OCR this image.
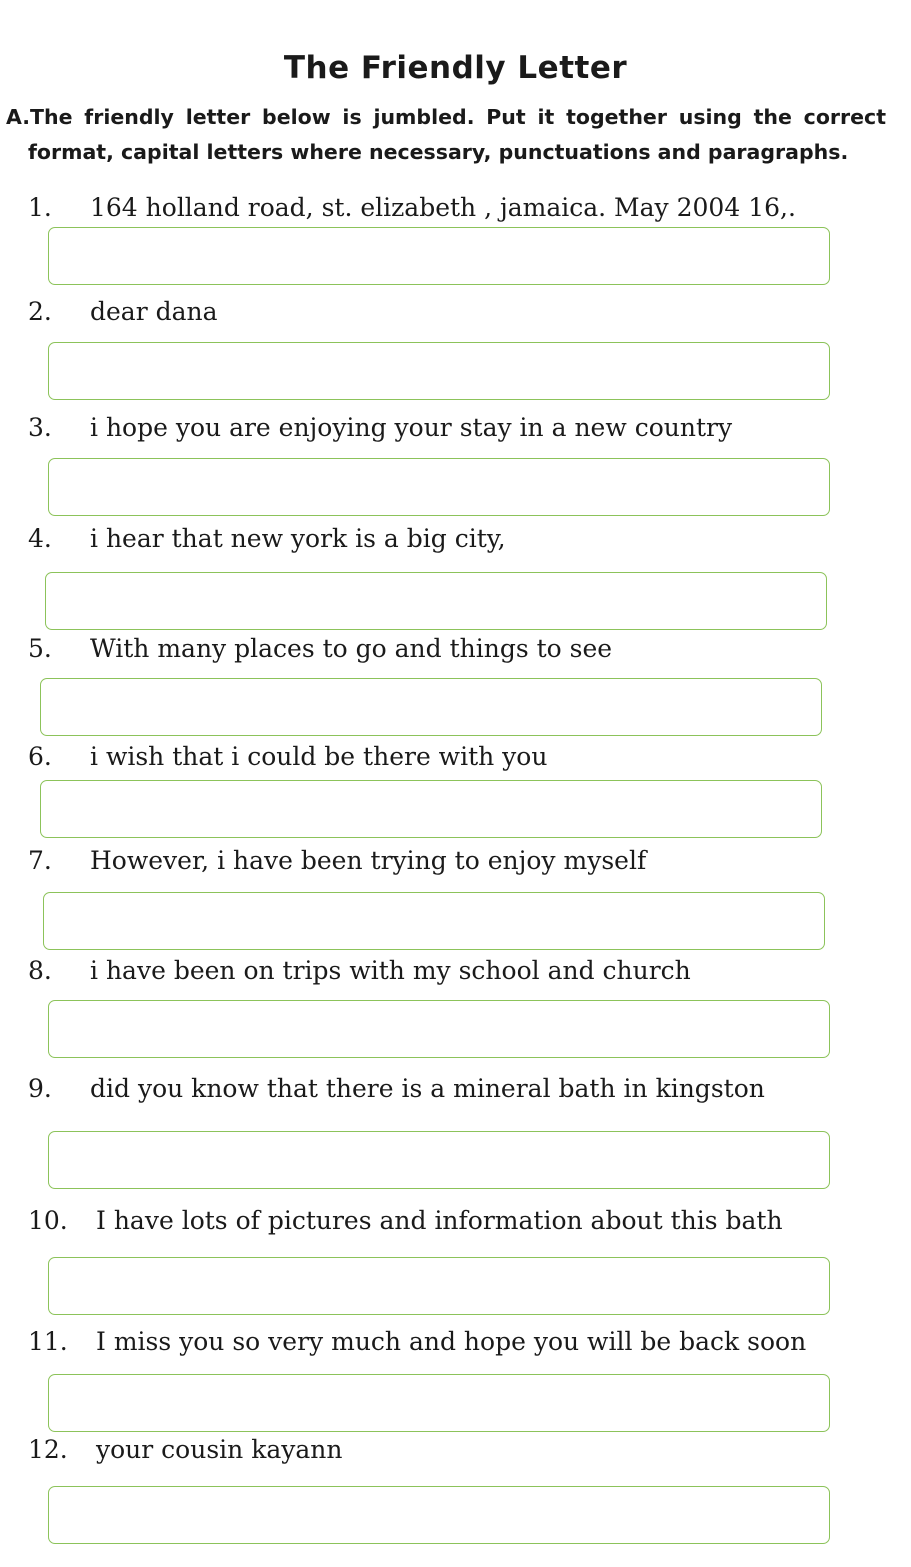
The Friendly Letter
A.The friendly letter below is jumbled. Put it together using the correct
format, capital letters where necessary, punctuations and paragraphs.
1. 164 holland road, st. elizabeth , jamaica. May 2004 16,.
2. dear dana
3. i hope you are enjoying your stay in a new country
4. i hear that new york is a big city,
5. With many places to go and things to see
6. i wish that i could be there with you
7. However, i have been trying to enjoy myself
8. i have been on trips with my school and church
9. did you know that there is a mineral bath in kingston
10. I have lots of pictures and information about this bath
11. I miss you so very much and hope you will be back soon
12. your cousin kayann
